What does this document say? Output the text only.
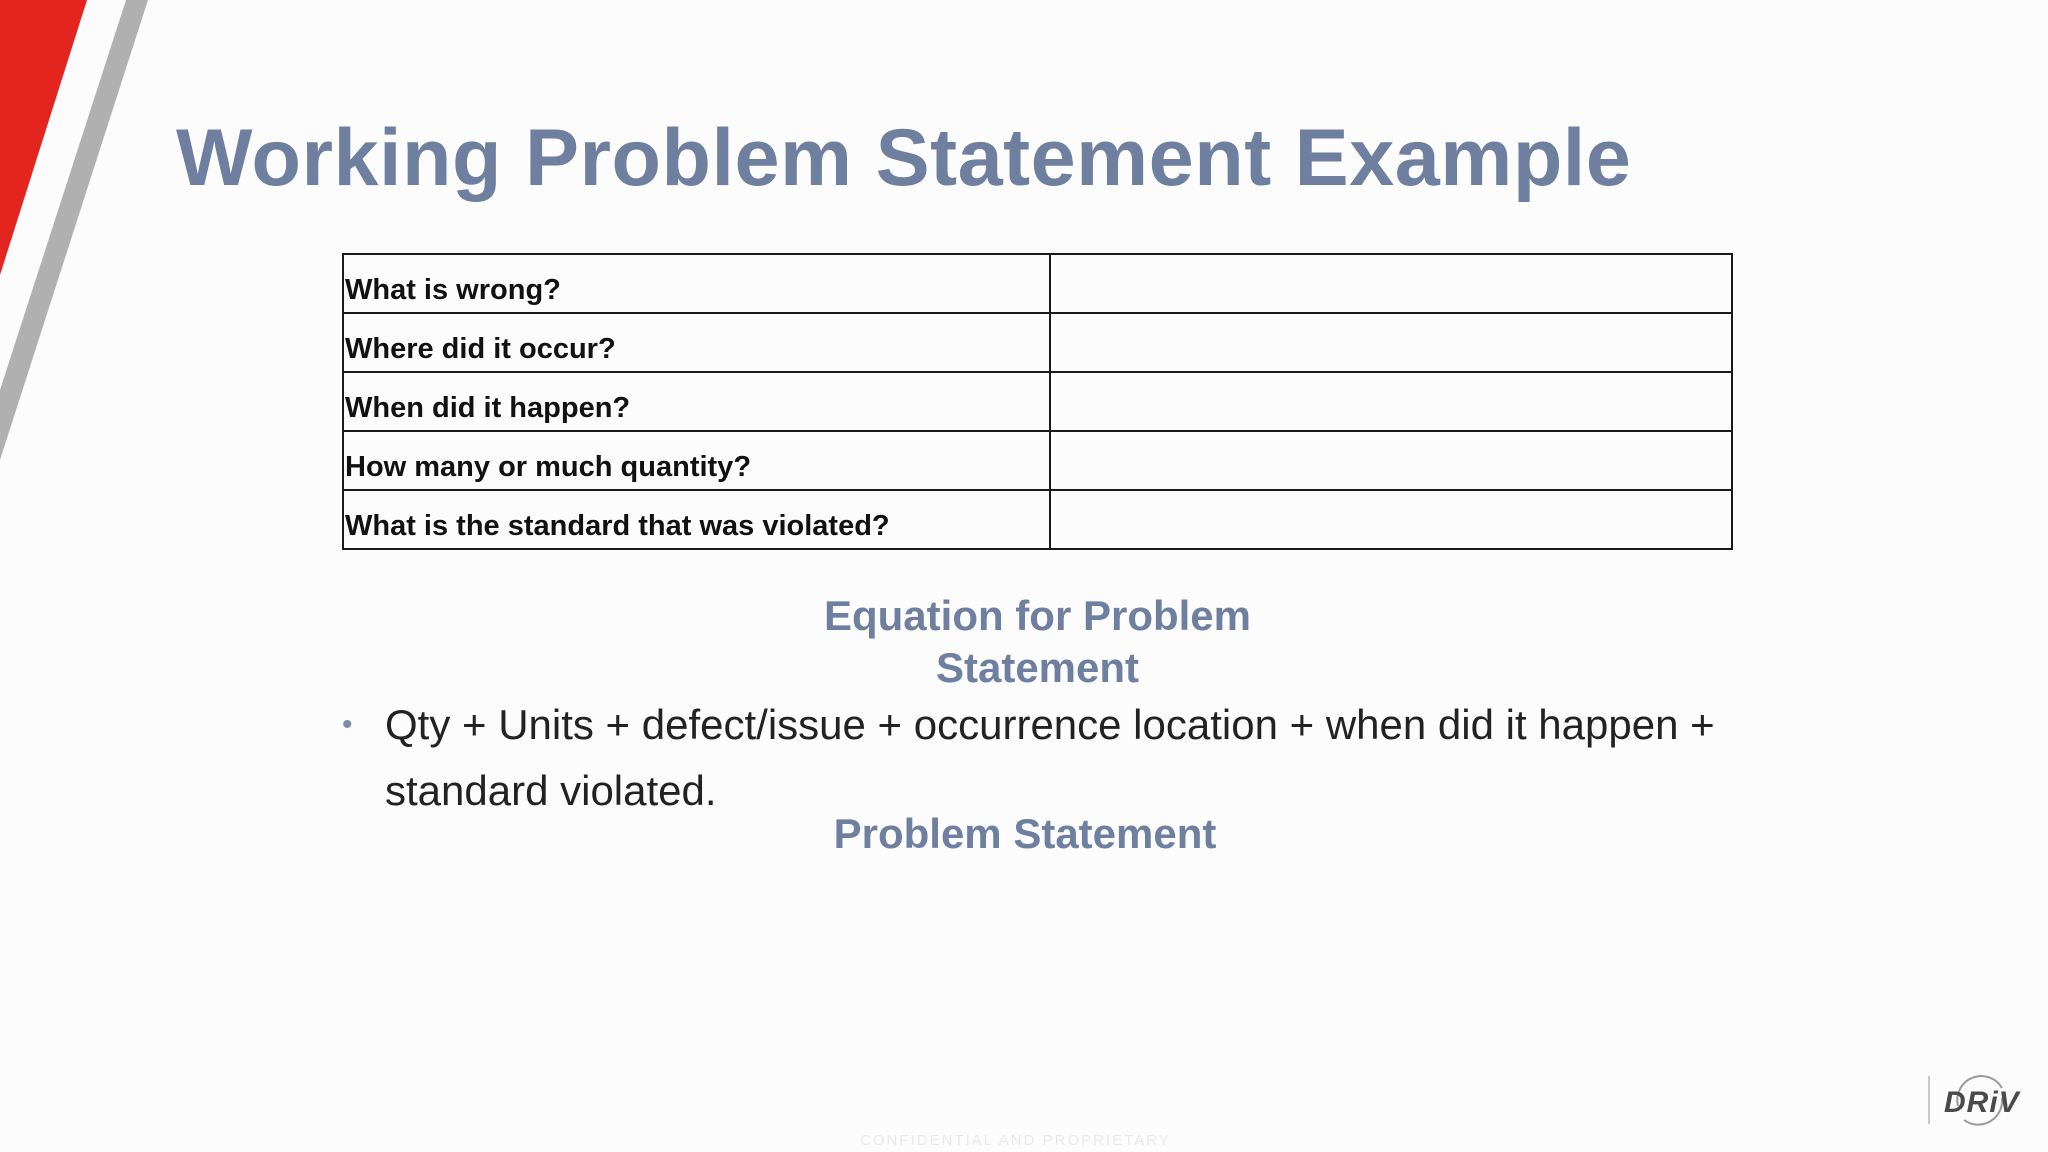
Working Problem Statement Example
What is wrong?	
Where did it occur?	
When did it happen?	
How many or much quantity?	
What is the standard that was violated?	
Equation for Problem
Statement
• Qty + Units + defect/issue + occurrence location + when did it happen + standard violated.
Problem Statement
CONFIDENTIAL AND PROPRIETARY
DRiV
